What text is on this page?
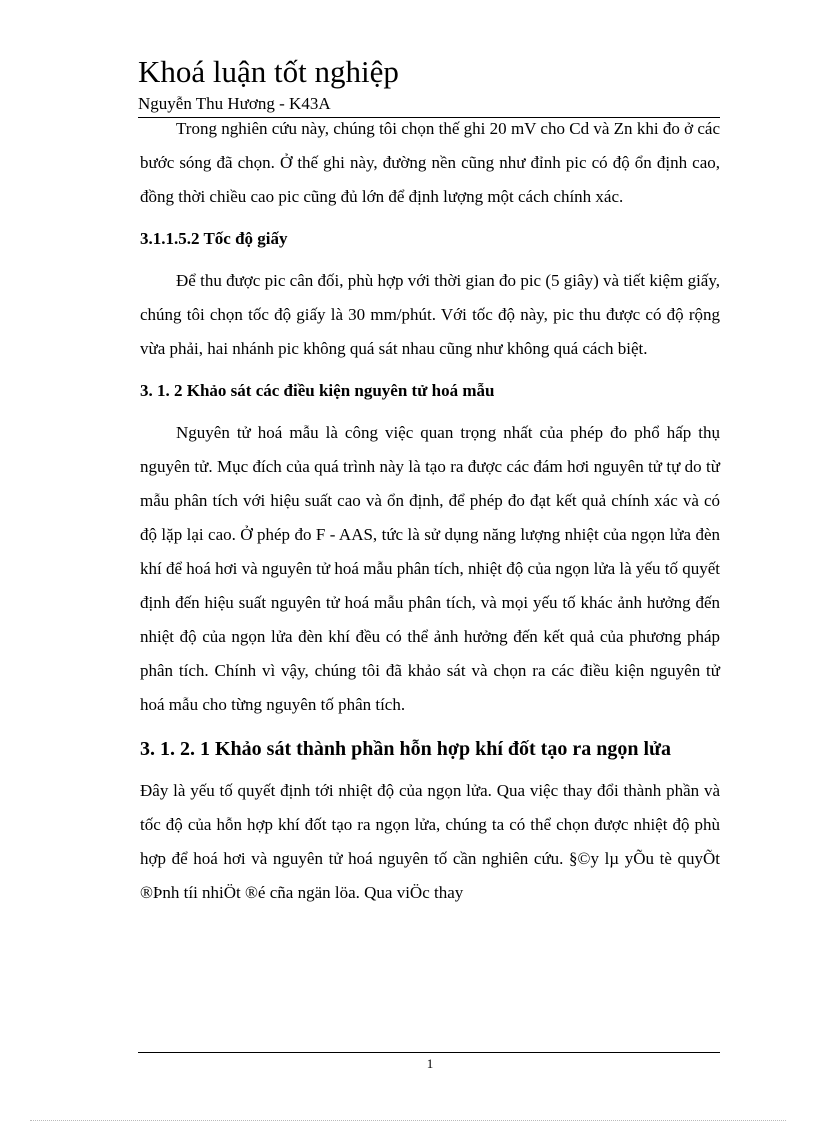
Khoá luận tốt nghiệp
Nguyễn Thu Hương - K43A

Trong nghiên cứu này, chúng tôi chọn thế ghi 20 mV cho Cd và Zn khi đo ở các bước sóng đã chọn. Ở thế ghi này, đường nền cũng như đỉnh pic có độ ổn định cao, đồng thời chiều cao pic cũng đủ lớn để định lượng một cách chính xác.

3.1.1.5.2 Tốc độ giấy

Để thu được pic cân đối, phù hợp với thời gian đo pic (5 giây) và tiết kiệm giấy, chúng tôi chọn tốc độ giấy là 30 mm/phút. Với tốc độ này, pic thu được có độ rộng vừa phải, hai nhánh pic không quá sát nhau cũng như không quá cách biệt.

3. 1. 2 Khảo sát các điều kiện nguyên tử hoá mẫu

Nguyên tử hoá mẫu là công việc quan trọng nhất của phép đo phổ hấp thụ nguyên tử. Mục đích của quá trình này là tạo ra được các đám hơi nguyên tử tự do từ mẫu phân tích với hiệu suất cao và ổn định, để phép đo đạt kết quả chính xác và có độ lặp lại cao. Ở phép đo F - AAS, tức là sử dụng năng lượng nhiệt của ngọn lửa đèn khí để hoá hơi và nguyên tử hoá mẫu phân tích, nhiệt độ của ngọn lửa là yếu tố quyết định đến hiệu suất nguyên tử hoá mẫu phân tích, và mọi yếu tố khác ảnh hưởng đến nhiệt độ của ngọn lửa đèn khí đều có thể ảnh hưởng đến kết quả của phương pháp phân tích. Chính vì vậy, chúng tôi đã khảo sát và chọn ra các điều kiện nguyên tử hoá mẫu cho từng nguyên tố phân tích.

3. 1. 2. 1 Khảo sát thành phần hỗn hợp khí đốt tạo ra ngọn lửa

Đây là yếu tố quyết định tới nhiệt độ của ngọn lửa. Qua việc thay đổi thành phần và tốc độ của hỗn hợp khí đốt tạo ra ngọn lửa, chúng ta có thể chọn được nhiệt độ phù hợp để hoá hơi và nguyên tử hoá nguyên tố cần nghiên cứu. §©y lµ yÕu tè quyÕt ®Þnh tíi nhiÖt ®é cña ngän löa. Qua viÖc thay

1
